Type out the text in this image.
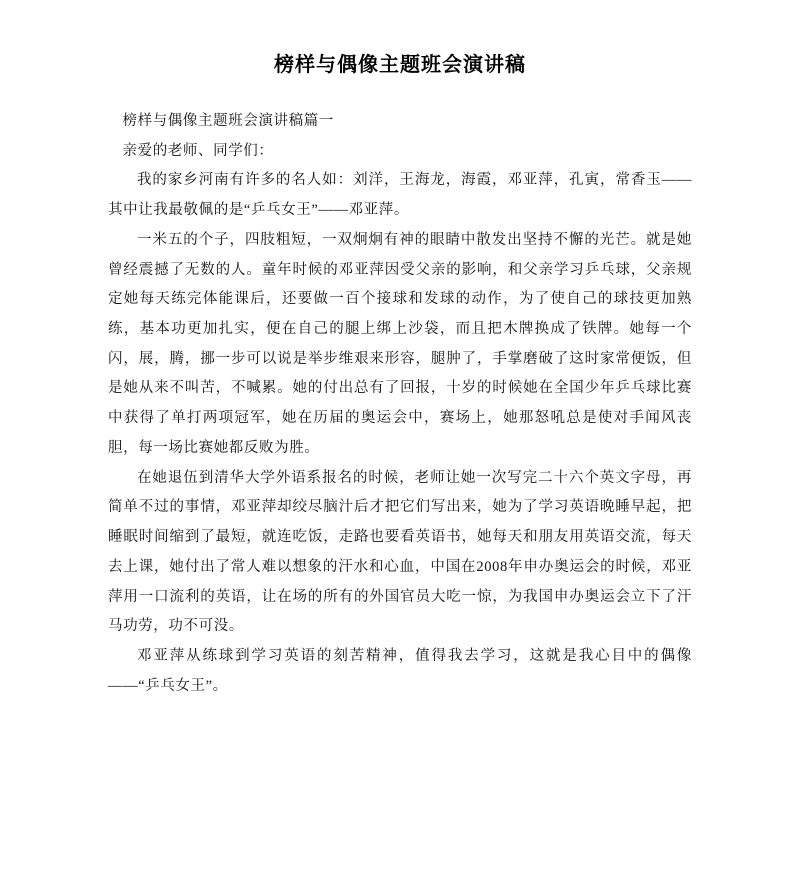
榜样与偶像主题班会演讲稿

榜样与偶像主题班会演讲稿篇一

亲爱的老师、同学们：

我的家乡河南有许多的名人如：刘洋，王海龙，海霞，邓亚萍，孔寅，常香玉――其中让我最敬佩的是“乒乓女王”――邓亚萍。

一米五的个子，四肢粗短，一双炯炯有神的眼睛中散发出坚持不懈的光芒。就是她曾经震撼了无数的人。童年时候的邓亚萍因受父亲的影响，和父亲学习乒乓球，父亲规定她每天练完体能课后，还要做一百个接球和发球的动作，为了使自己的球技更加熟练，基本功更加扎实，便在自己的腿上绑上沙袋，而且把木牌换成了铁牌。她每一个闪，展，腾，挪一步可以说是举步维艰来形容，腿肿了，手掌磨破了这时家常便饭，但是她从来不叫苦，不喊累。她的付出总有了回报，十岁的时候她在全国少年乒乓球比赛中获得了单打两项冠军，她在历届的奥运会中，赛场上，她那怒吼总是使对手闻风丧胆，每一场比赛她都反败为胜。

在她退伍到清华大学外语系报名的时候，老师让她一次写完二十六个英文字母，再简单不过的事情，邓亚萍却绞尽脑汁后才把它们写出来，她为了学习英语晚睡早起，把睡眠时间缩到了最短，就连吃饭，走路也要看英语书，她每天和朋友用英语交流，每天去上课，她付出了常人难以想象的汗水和心血，中国在2008年申办奥运会的时候，邓亚萍用一口流利的英语，让在场的所有的外国官员大吃一惊，为我国申办奥运会立下了汗马功劳，功不可没。

邓亚萍从练球到学习英语的刻苦精神，值得我去学习，这就是我心目中的偶像――“乒乓女王”。
